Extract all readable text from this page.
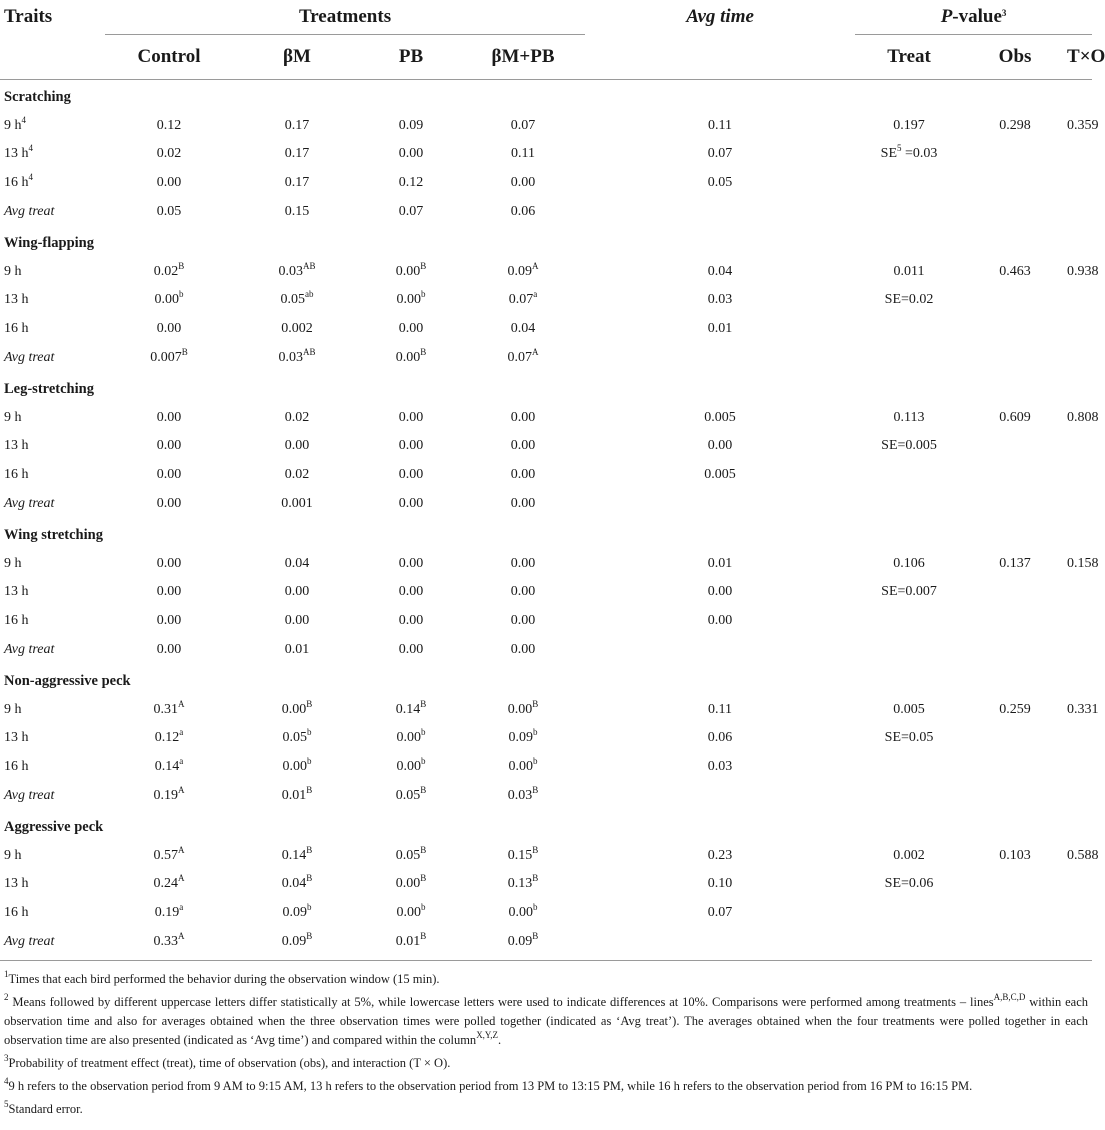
Traits	Treatments					Avg time		P-value$^3$
	Control	βM	PB	βM+PB				Treat	Obs	T×O	
Scratching											
9 $h^4$	0.12	0.17	0.09	0.07		0.11		0.197	0.298	0.359	
13 $h^4$	0.02	0.17	0.00	0.11		0.07		$SE^5 =0.03$			
16 $h^4$	0.00	0.17	0.12	0.00		0.05					
Avg treat	0.05	0.15	0.07	0.06							
Wing-flapping											
9 h	$0.02^B$	$0.03^{AB}$	$0.00^B$	$0.09^A$		0.04		0.011	0.463	0.938	
13 h	0.00$^b$	0.05$^{ab}$	0.00$^b$	0.07$^a$		0.03		SE=0.02			
16 h	0.00	0.002	0.00	0.04		0.01					
Avg treat	$0.007^B$	$0.03^{AB}$	$0.00^B$	$0.07^A$							
Leg-stretching											
9 h	0.00	0.02	0.00	0.00		0.005		0.113	0.609	0.808	
13 h	0.00	0.00	0.00	0.00		0.00		SE=0.005			
16 h	0.00	0.02	0.00	0.00		0.005					
Avg treat	0.00	0.001	0.00	0.00							
Wing stretching											
9 h	0.00	0.04	0.00	0.00		0.01		0.106	0.137	0.158	
13 h	0.00	0.00	0.00	0.00		0.00		SE=0.007			
16 h	0.00	0.00	0.00	0.00		0.00					
Avg treat	0.00	0.01	0.00	0.00							
Non-aggressive peck											
9 h	$0.31^A$	$0.00^B$	$0.14^B$	$0.00^B$		0.11		0.005	0.259	0.331	
13 h	0.12$^a$	0.05$^b$	0.00$^b$	0.09$^b$		0.06		SE=0.05			
16 h	0.14$^a$	0.00$^b$	0.00$^b$	0.00$^b$		0.03					
Avg treat	$0.19^A$	$0.01^B$	$0.05^B$	$0.03^B$							
Aggressive peck											
9 h	$0.57^A$	$0.14^B$	$0.05^B$	$0.15^B$		0.23		0.002	0.103	0.588	
13 h	$0.24^A$	$0.04^B$	$0.00^B$	$0.13^B$		0.10		SE=0.06			
16 h	0.19$^a$	0.09$^b$	0.00$^b$	0.00$^b$		0.07					
Avg treat	$0.33^A$	$0.09^B$	$0.01^B$	$0.09^B$							

$^1$Times that each bird performed the behavior during the observation window (15 min).

$^2$ Means followed by different uppercase letters differ statistically at 5%, while lowercase letters were used to indicate differences at 10%. Comparisons were performed among treatments – lines$^{A,B,C,D}$ within each observation time and also for averages obtained when the three observation times were polled together (indicated as ‘Avg treat’). The averages obtained when the four treatments were polled together in each observation time are also presented (indicated as ‘Avg time’) and compared within the column$^{X,Y,Z}$.

$^3$Probability of treatment effect (treat), time of observation (obs), and interaction (T × O).

$^4$9 h refers to the observation period from 9 AM to 9:15 AM, 13 h refers to the observation period from 13 PM to 13:15 PM, while 16 h refers to the observation period from 16 PM to 16:15 PM.

$^5$Standard error.
